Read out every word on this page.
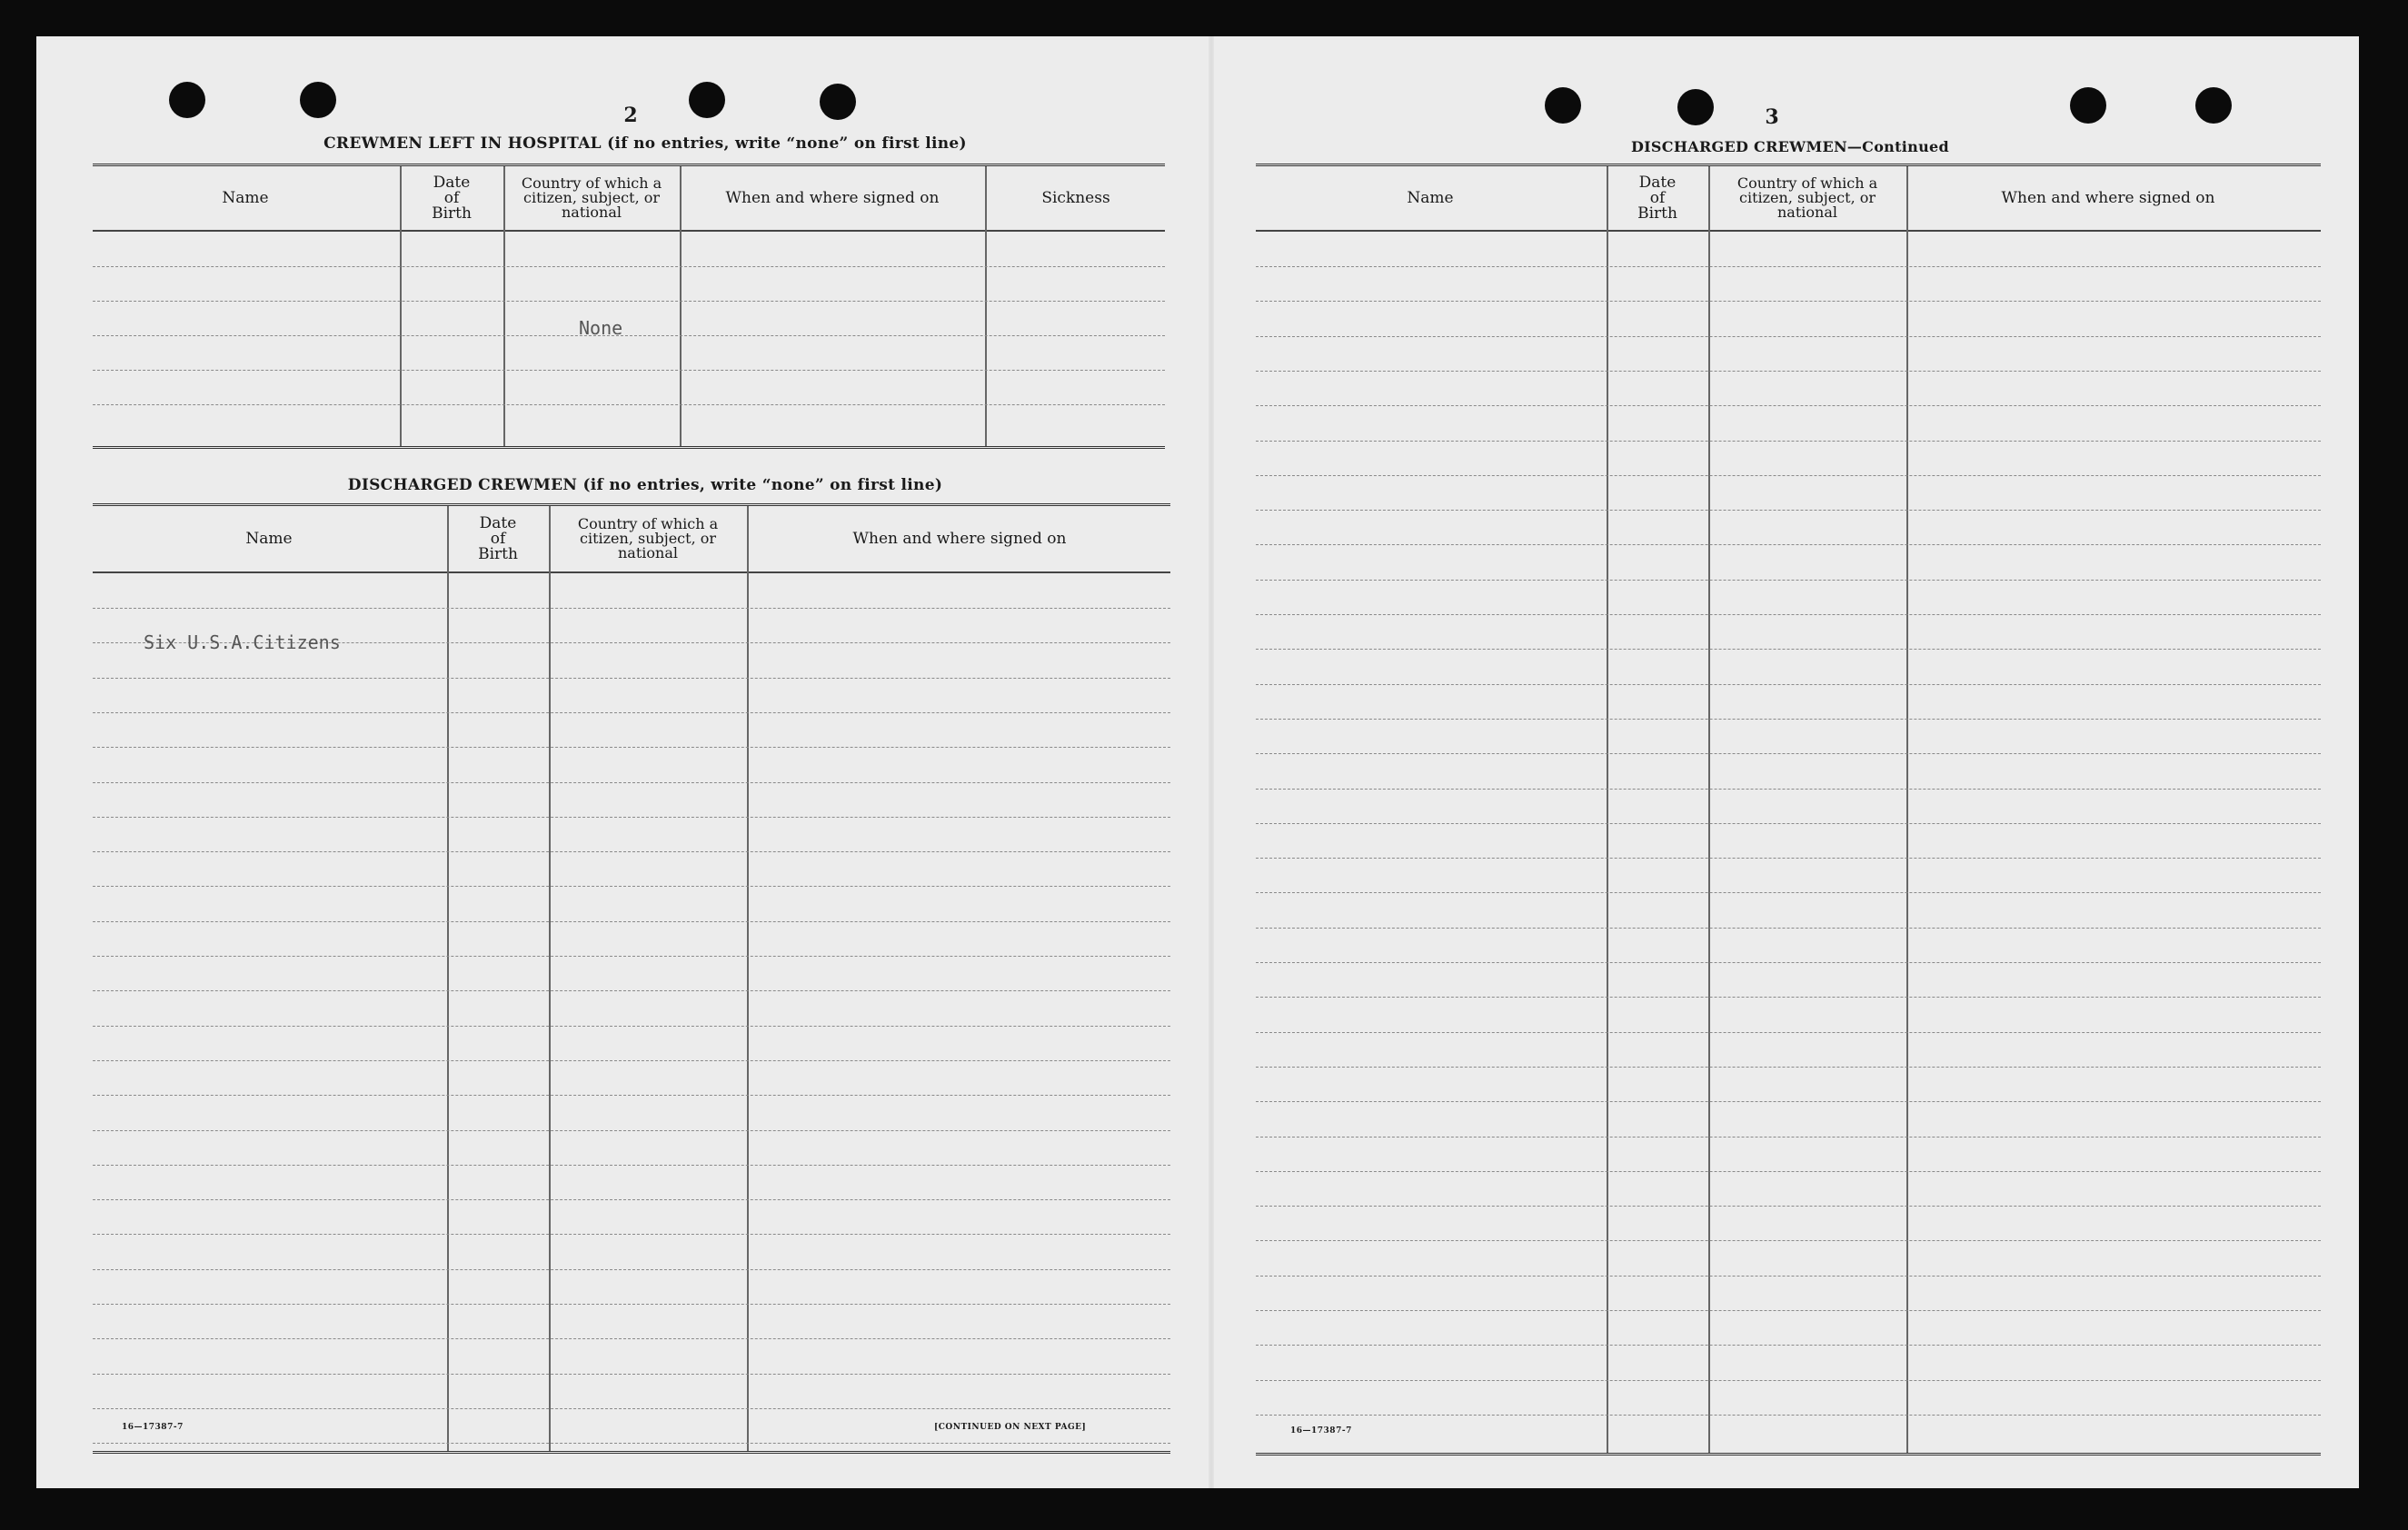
2
CREWMEN LEFT IN HOSPITAL (if no entries, write “none” on first line)
Name
Date of Birth
Country of which a citizen, subject, or national
When and where signed on	Sickness
None
DISCHARGED CREWMEN (if no entries, write “none” on first line)
Name
Date of Birth
Country of which a citizen, subject, or national
When and where signed on
Six U.S.A.Citizens
16—17387-7	[CONTINUED ON NEXT PAGE]
3
DISCHARGED CREWMEN—Continued
Name
Date of Birth
Country of which a citizen, subject, or national
When and where signed on
16—17387-7
